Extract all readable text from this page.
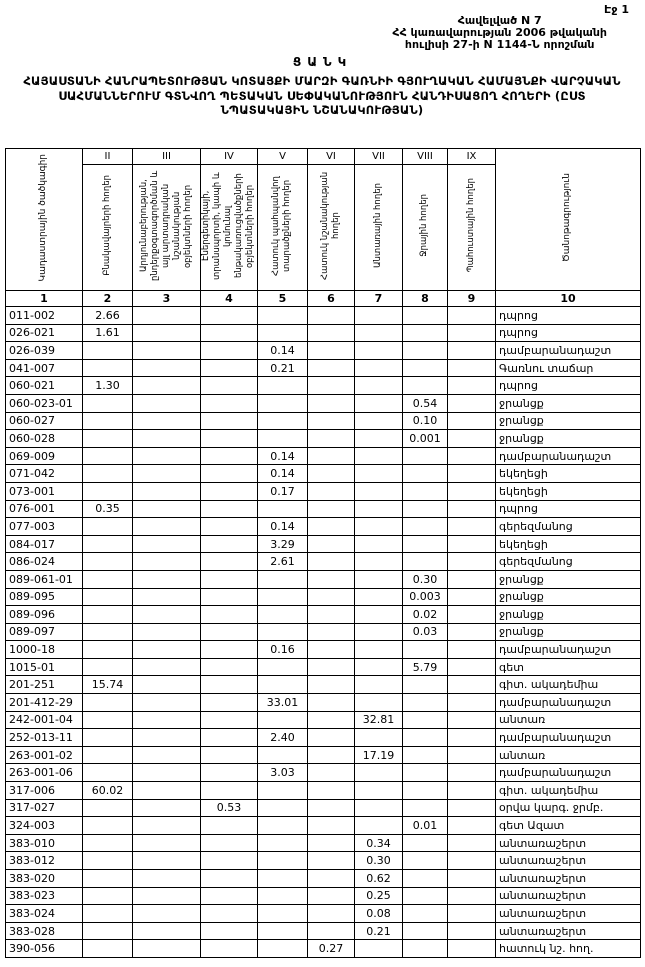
Էջ 1
Հավելված N 7
ՀՀ կառավարության 2006 թվականի
հուլիսի 27-ի N 1144-Ն որոշման
ՑԱՆԿ
ՀԱՅԱՍՏԱՆԻ ՀԱՆՐԱՊԵՏՈՒԹՅԱՆ ԿՈՏԱՅՔԻ ՄԱՐԶԻ ԳԱՌՆԻԻ ԳՅՈՒՂԱԿԱՆ ՀԱՄԱՅՆՔԻ ՎԱՐՉԱԿԱՆ ՍԱՀՄԱՆՆԵՐՈՒՄ ԳՏՆՎՈՂ ՊԵՏԱԿԱՆ ՍԵՓԱԿԱՆՈՒԹՅՈՒՆ ՀԱՆԴԻՍԱՑՈՂ ՀՈՂԵՐԻ (ԸՍՏ ՆՊԱՏԱԿԱՅԻՆ ՆՇԱՆԱԿՈՒԹՅԱՆ)
Կադաստրային ծածկագիր	II	III	IV	V	VI	VII	VIII	IX	Ծանոթագրություն
	Բնակավայրերի հողեր	Արդյունաբերության, ընդերքօգտագործման և այլ արտադրական նշանակության օբյեկտների հողեր	Էներգետիկայի, տրանսպորտի, կապի և կոմունալ ենթակառուցվածքների օբյեկտների հողեր	Հատուկ պահպանվող տարածքների հողեր	Հատուկ նշանակության հողեր	Անտառային հողեր	Ջրային հողեր	Պահուստային հողեր	
1	2	3	4	5	6	7	8	9	10
011-002	2.66								դպրոց
026-021	1.61								դպրոց
026-039				0.14					դամբարանադաշտ
041-007				0.21					Գառնու տաճար
060-021	1.30								դպրոց
060-023-01							0.54		ջրանցք
060-027							0.10		ջրանցք
060-028							0.001		ջրանցք
069-009				0.14					դամբարանադաշտ
071-042				0.14					եկեղեցի
073-001				0.17					եկեղեցի
076-001	0.35								դպրոց
077-003				0.14					գերեզմանոց
084-017				3.29					եկեղեցի
086-024				2.61					գերեզմանոց
089-061-01							0.30		ջրանցք
089-095							0.003		ջրանցք
089-096							0.02		ջրանցք
089-097							0.03		ջրանցք
1000-18				0.16					դամբարանադաշտ
1015-01							5.79		գետ
201-251	15.74								գիտ. ակադեմիա
201-412-29				33.01					դամբարանադաշտ
242-001-04						32.81			անտառ
252-013-11				2.40					դամբարանադաշտ
263-001-02						17.19			անտառ
263-001-06				3.03					դամբարանադաշտ
317-006	60.02								գիտ. ակադեմիա
317-027			0.53						օրվա կարգ. ջրմբ.
324-003							0.01		գետ Ազատ
383-010						0.34			անտառաշերտ
383-012						0.30			անտառաշերտ
383-020						0.62			անտառաշերտ
383-023						0.25			անտառաշերտ
383-024						0.08			անտառաշերտ
383-028						0.21			անտառաշերտ
390-056					0.27				հատուկ նշ. հող.
